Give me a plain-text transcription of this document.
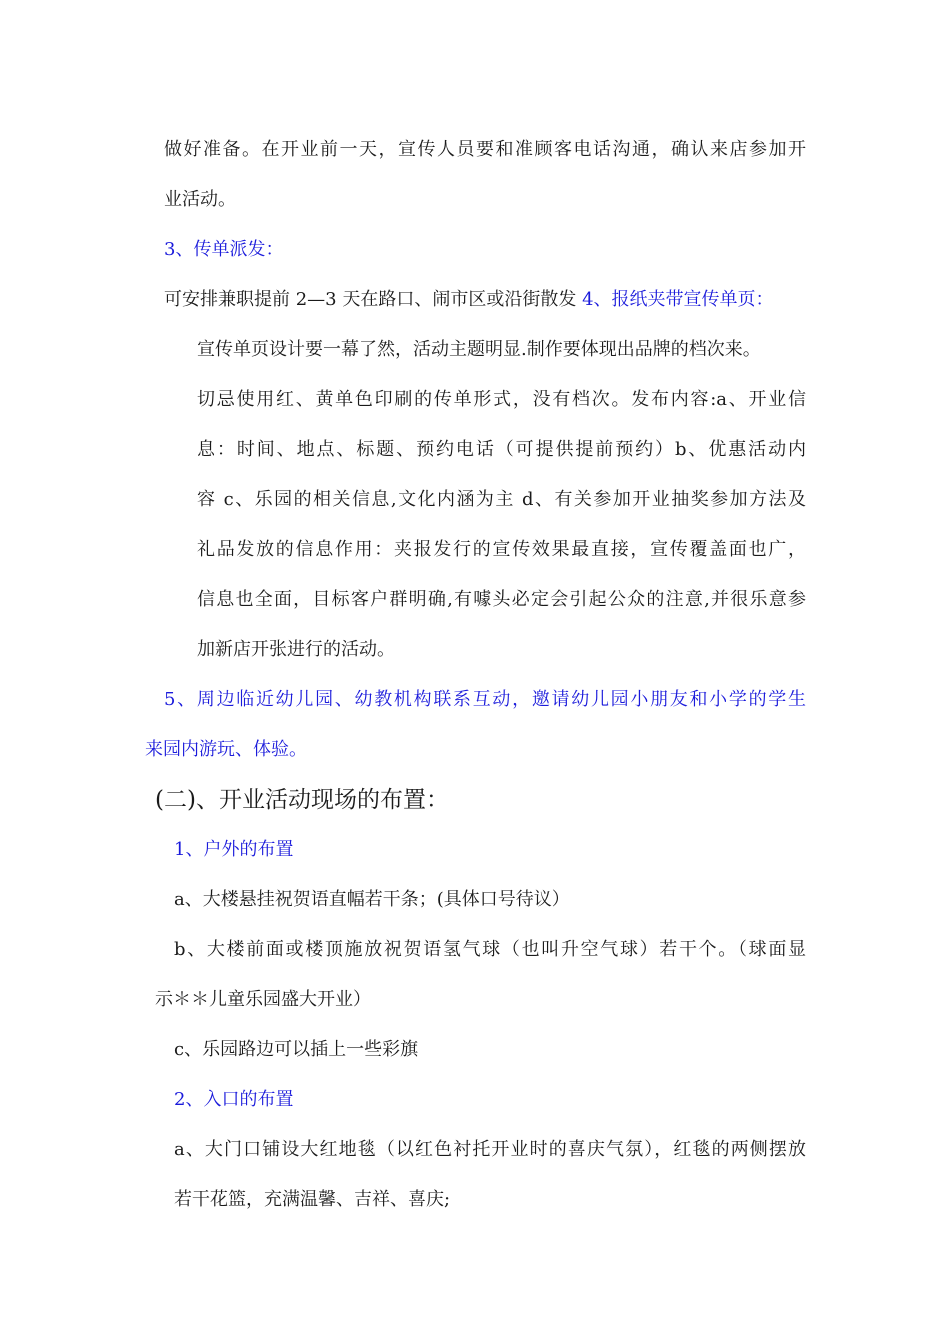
做好准备。在开业前一天，宣传人员要和准顾客电话沟通，确认来店参加开
业活动。
3、传单派发：
可安排兼职提前 2—3 天在路口、闹市区或沿街散发 4、报纸夹带宣传单页：
宣传单页设计要一幕了然，活动主题明显.制作要体现出品牌的档次来。
切忌使用红、黄单色印刷的传单形式，没有档次。发布内容:a、开业信
息：时间、地点、标题、预约电话（可提供提前预约）b、优惠活动内
容 c、乐园的相关信息,文化内涵为主 d、有关参加开业抽奖参加方法及
礼品发放的信息作用：夹报发行的宣传效果最直接，宣传覆盖面也广，
信息也全面，目标客户群明确,有噱头必定会引起公众的注意,并很乐意参
加新店开张进行的活动。
5、周边临近幼儿园、幼教机构联系互动，邀请幼儿园小朋友和小学的学生
来园内游玩、体验。
(二)、开业活动现场的布置：
1、户外的布置
a、大楼悬挂祝贺语直幅若干条；(具体口号待议）
b、大楼前面或楼顶施放祝贺语氢气球（也叫升空气球）若干个。（球面显
示＊＊儿童乐园盛大开业）
c、乐园路边可以插上一些彩旗
2、入口的布置
a、大门口铺设大红地毯（以红色衬托开业时的喜庆气氛），红毯的两侧摆放
若干花篮，充满温馨、吉祥、喜庆;
